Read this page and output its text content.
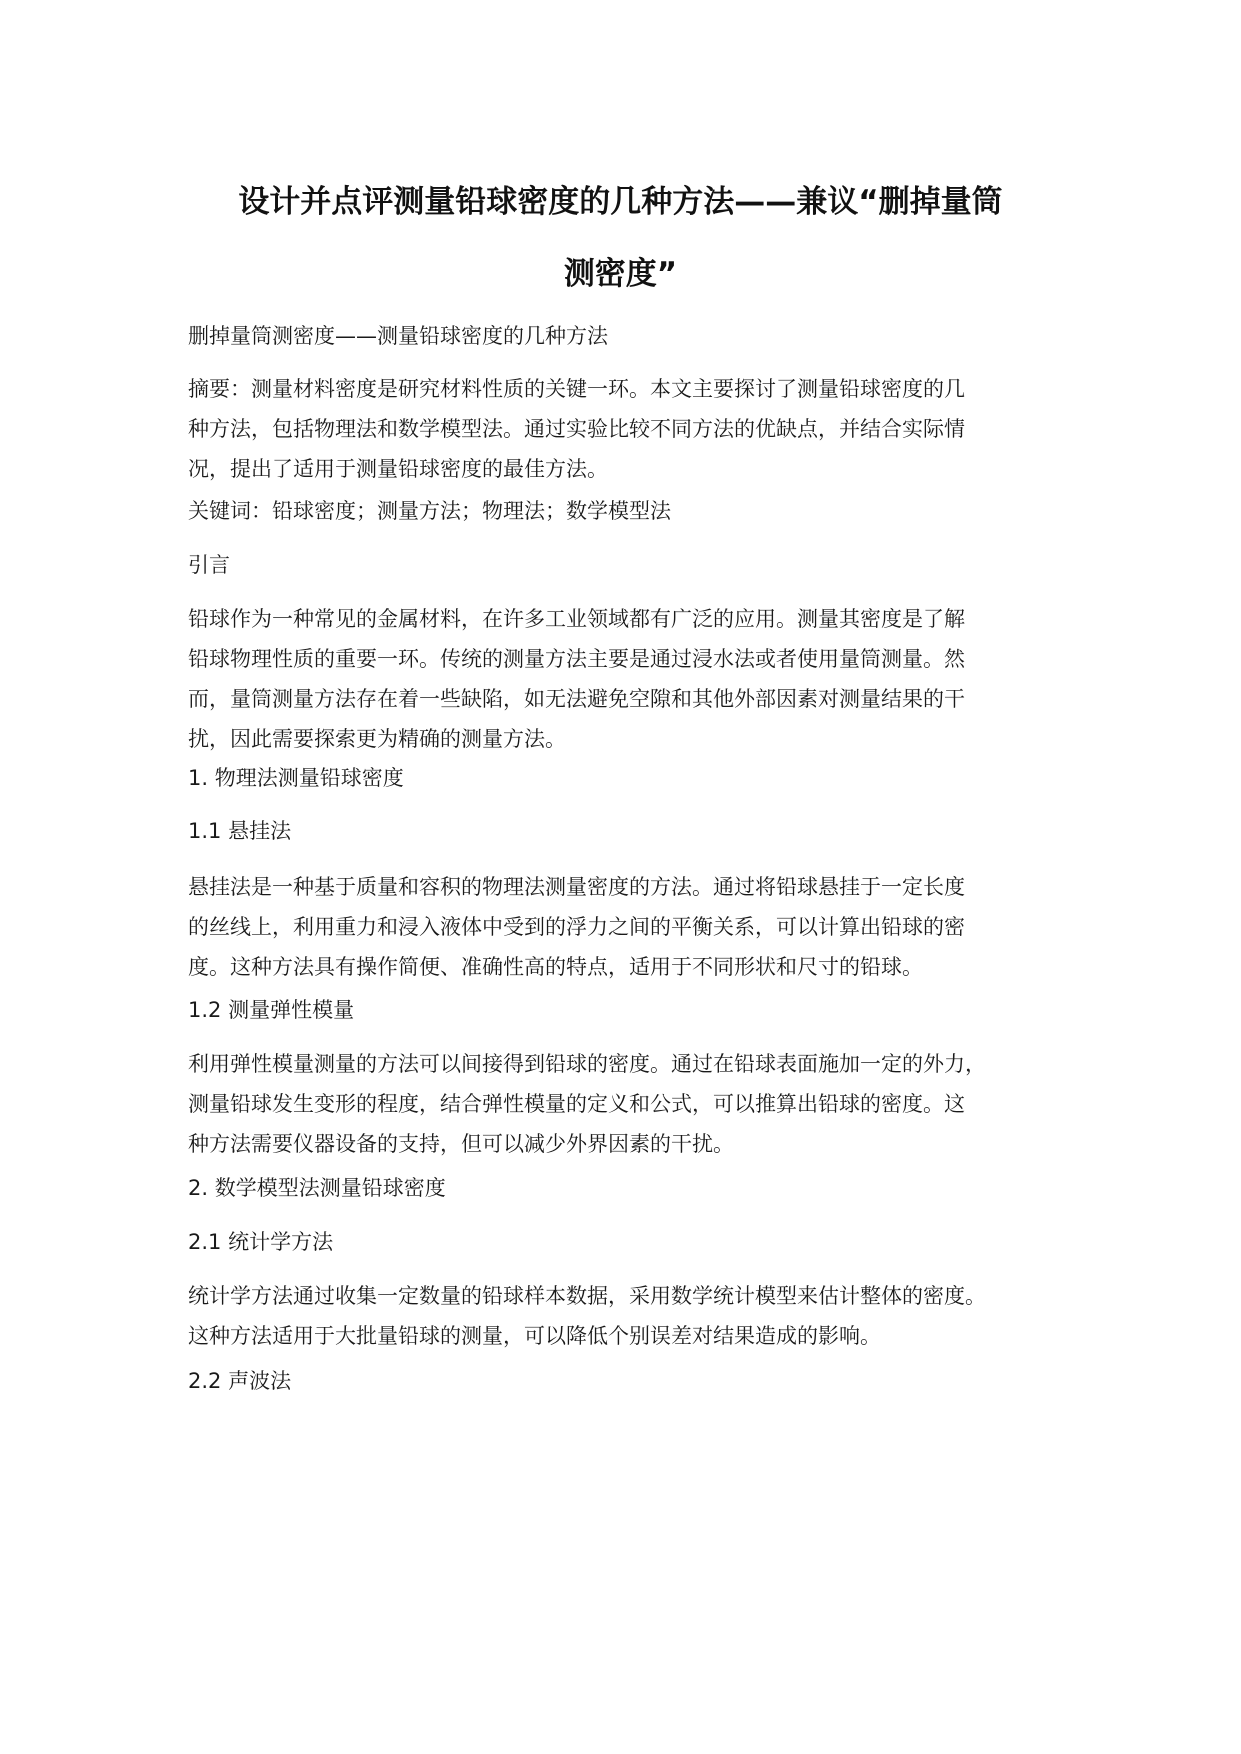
设计并点评测量铅球密度的几种方法——兼议“删掉量筒
测密度”

删掉量筒测密度——测量铅球密度的几种方法

摘要：测量材料密度是研究材料性质的关键一环。本文主要探讨了测量铅球密度的几
种方法，包括物理法和数学模型法。通过实验比较不同方法的优缺点，并结合实际情
况，提出了适用于测量铅球密度的最佳方法。

关键词：铅球密度；测量方法；物理法；数学模型法

引言

铅球作为一种常见的金属材料，在许多工业领域都有广泛的应用。测量其密度是了解
铅球物理性质的重要一环。传统的测量方法主要是通过浸水法或者使用量筒测量。然
而，量筒测量方法存在着一些缺陷，如无法避免空隙和其他外部因素对测量结果的干
扰，因此需要探索更为精确的测量方法。

1. 物理法测量铅球密度

1.1 悬挂法

悬挂法是一种基于质量和容积的物理法测量密度的方法。通过将铅球悬挂于一定长度
的丝线上，利用重力和浸入液体中受到的浮力之间的平衡关系，可以计算出铅球的密
度。这种方法具有操作简便、准确性高的特点，适用于不同形状和尺寸的铅球。

1.2 测量弹性模量

利用弹性模量测量的方法可以间接得到铅球的密度。通过在铅球表面施加一定的外力，
测量铅球发生变形的程度，结合弹性模量的定义和公式，可以推算出铅球的密度。这
种方法需要仪器设备的支持，但可以减少外界因素的干扰。

2. 数学模型法测量铅球密度

2.1 统计学方法

统计学方法通过收集一定数量的铅球样本数据，采用数学统计模型来估计整体的密度。
这种方法适用于大批量铅球的测量，可以降低个别误差对结果造成的影响。

2.2 声波法
